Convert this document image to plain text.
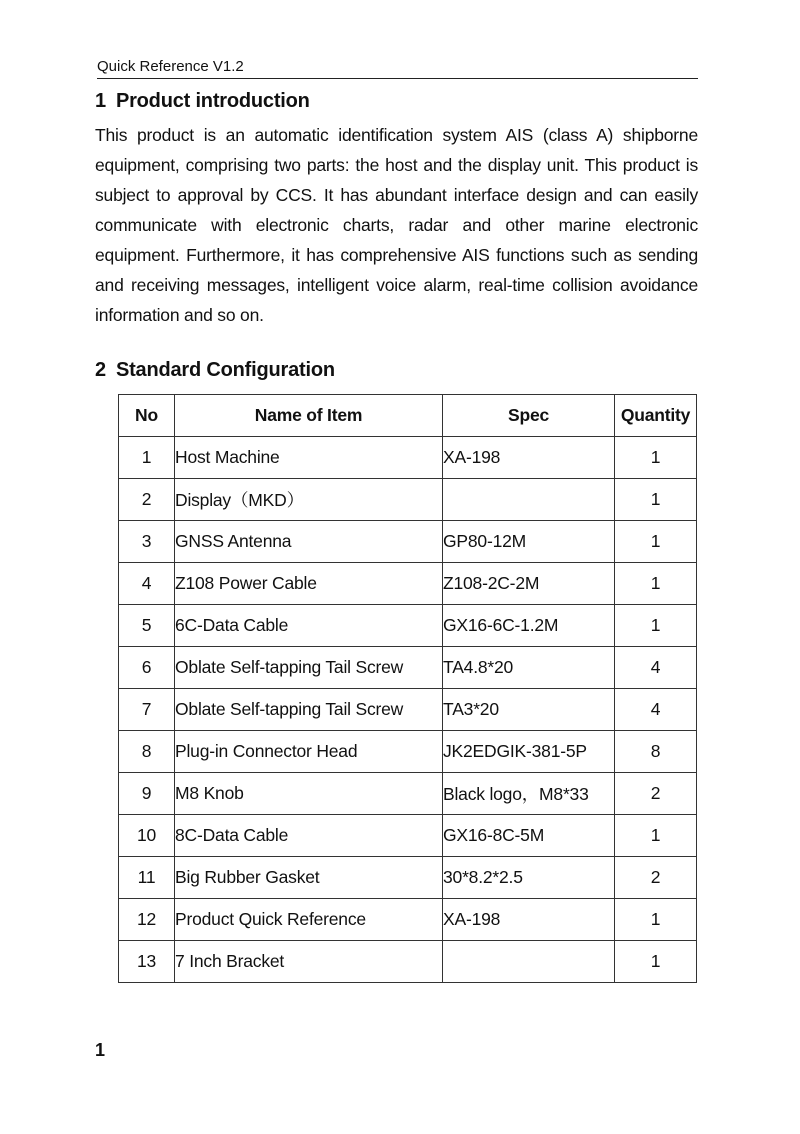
Quick Reference V1.2
1 Product introduction

This product is an automatic identification system AIS (class A) shipborne equipment, comprising two parts: the host and the display unit. This product is subject to approval by CCS. It has abundant interface design and can easily communicate with electronic charts, radar and other marine electronic equipment. Furthermore, it has comprehensive AIS functions such as sending and receiving messages, intelligent voice alarm, real-time collision avoidance information and so on.

2 Standard Configuration
No	Name of Item	Spec	Quantity
1	Host Machine	XA-198	1
2	Display（MKD）		1
3	GNSS Antenna	GP80-12M	1
4	Z108 Power Cable	Z108-2C-2M	1
5	6C-Data Cable	GX16-6C-1.2M	1
6	Oblate Self-tapping Tail Screw	TA4.8*20	4
7	Oblate Self-tapping Tail Screw	TA3*20	4
8	Plug-in Connector Head	JK2EDGIK-381-5P	8
9	M8 Knob	Black logo，M8*33	2
10	8C-Data Cable	GX16-8C-5M	1
11	Big Rubber Gasket	30*8.2*2.5	2
12	Product Quick Reference	XA-198	1
13	7 Inch Bracket		1
1
